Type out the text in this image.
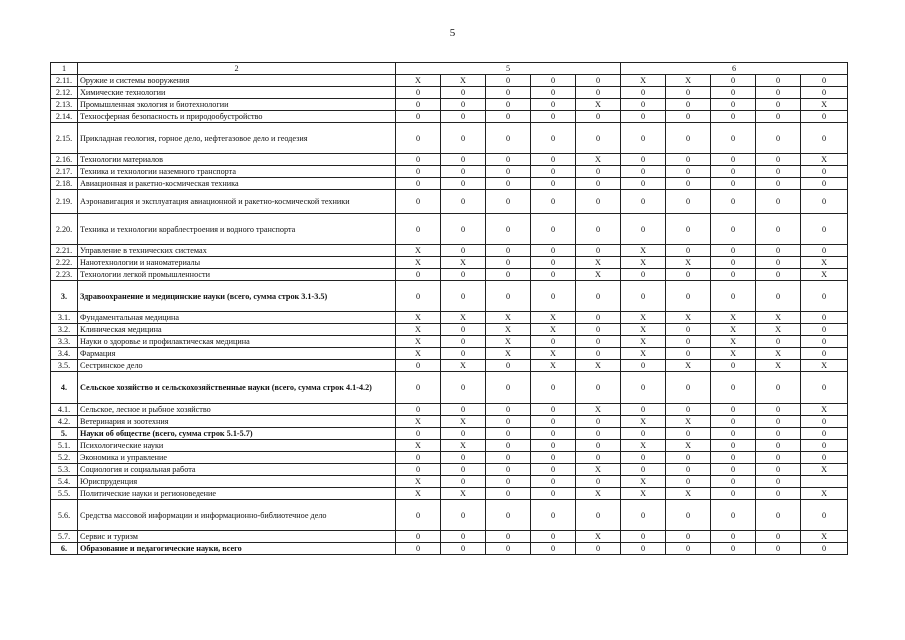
5
1	2	5					6				
2.11.	Оружие и системы вооружения	X	X	0	0	0	X	X	0	0	0
2.12.	Химические технологии	0	0	0	0	0	0	0	0	0	0
2.13.	Промышленная экология и биотехнологии	0	0	0	0	X	0	0	0	0	X
2.14.	Техносферная безопасность и природообустройство	0	0	0	0	0	0	0	0	0	0
2.15.	Прикладная геология, горное дело, нефтегазовое дело и геодезия	0	0	0	0	0	0	0	0	0	0
2.16.	Технологии материалов	0	0	0	0	X	0	0	0	0	X
2.17.	Техника и технологии наземного транспорта	0	0	0	0	0	0	0	0	0	0
2.18.	Авиационная и ракетно-космическая техника	0	0	0	0	0	0	0	0	0	0
2.19.	Аэронавигация и эксплуатация авиационной и ракетно-космической техники	0	0	0	0	0	0	0	0	0	0
2.20.	Техника и технологии кораблестроения и водного транспорта	0	0	0	0	0	0	0	0	0	0
2.21.	Управление в технических системах	X	0	0	0	0	X	0	0	0	0
2.22.	Нанотехнологии и наноматериалы	X	X	0	0	X	X	X	0	0	X
2.23.	Технологии легкой промышленности	0	0	0	0	X	0	0	0	0	X
3.	Здравоохранение и медицинские науки (всего, сумма строк 3.1-3.5)	0	0	0	0	0	0	0	0	0	0
3.1.	Фундаментальная медицина	X	X	X	X	0	X	X	X	X	0
3.2.	Клиническая медицина	X	0	X	X	0	X	0	X	X	0
3.3.	Науки о здоровье и профилактическая медицина	X	0	X	0	0	X	0	X	0	0
3.4.	Фармация	X	0	X	X	0	X	0	X	X	0
3.5.	Сестринское дело	0	X	0	X	X	0	X	0	X	X
4.	Сельское хозяйство и сельскохозяйственные науки (всего, сумма строк 4.1-4.2)	0	0	0	0	0	0	0	0	0	0
4.1.	Сельское, лесное и рыбное хозяйство	0	0	0	0	X	0	0	0	0	X
4.2.	Ветеринария и зоотехния	X	X	0	0	0	X	X	0	0	0
5.	Науки об обществе (всего, сумма строк 5.1-5.7)	0	0	0	0	0	0	0	0	0	0
5.1.	Психологические науки	X	X	0	0	0	X	X	0	0	0
5.2.	Экономика и управление	0	0	0	0	0	0	0	0	0	0
5.3.	Социология и социальная работа	0	0	0	0	X	0	0	0	0	X
5.4.	Юриспруденция	X	0	0	0	0	X	0	0	0	
5.5.	Политические науки и регионоведение	X	X	0	0	X	X	X	0	0	X
5.6.	Средства массовой информации и информационно-библиотечное дело	0	0	0	0	0	0	0	0	0	0
5.7.	Сервис и туризм	0	0	0	0	X	0	0	0	0	X
6.	Образование и педагогические науки, всего	0	0	0	0	0	0	0	0	0	0
